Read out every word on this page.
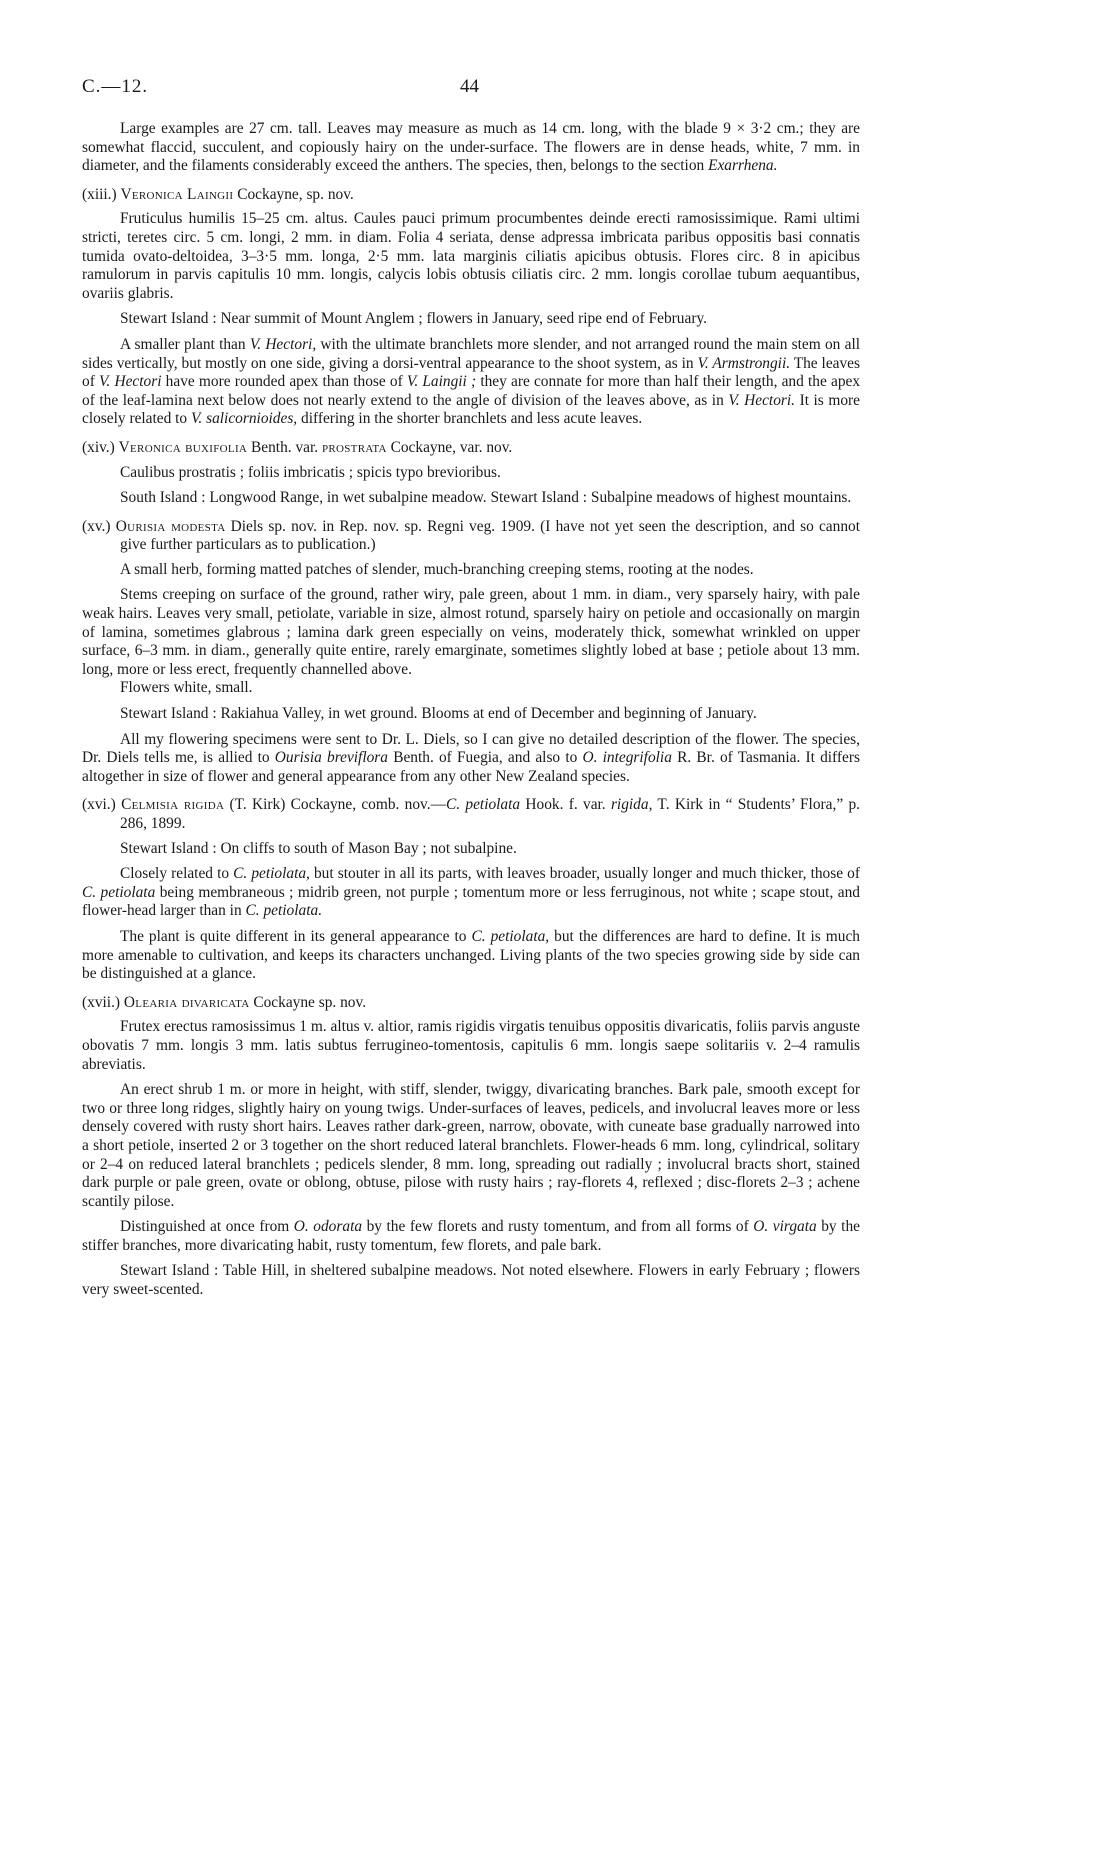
C.—12.	44

Large examples are 27 cm. tall. Leaves may measure as much as 14 cm. long, with the blade 9 × 3·2 cm.; they are somewhat flaccid, succulent, and copiously hairy on the under-surface. The flowers are in dense heads, white, 7 mm. in diameter, and the filaments considerably exceed the anthers. The species, then, belongs to the section Exarrhena.

(xiii.) Veronica Laingii Cockayne, sp. nov.

Fruticulus humilis 15–25 cm. altus. Caules pauci primum procumbentes deinde erecti ramosissimique. Rami ultimi stricti, teretes circ. 5 cm. longi, 2 mm. in diam. Folia 4 seriata, dense adpressa imbricata paribus oppositis basi connatis tumida ovato-deltoidea, 3–3·5 mm. longa, 2·5 mm. lata marginis ciliatis apicibus obtusis. Flores circ. 8 in apicibus ramulorum in parvis capitulis 10 mm. longis, calycis lobis obtusis ciliatis circ. 2 mm. longis corollae tubum aequantibus, ovariis glabris.

Stewart Island : Near summit of Mount Anglem ; flowers in January, seed ripe end of February.

A smaller plant than V. Hectori, with the ultimate branchlets more slender, and not arranged round the main stem on all sides vertically, but mostly on one side, giving a dorsi-ventral appearance to the shoot system, as in V. Armstrongii. The leaves of V. Hectori have more rounded apex than those of V. Laingii ; they are connate for more than half their length, and the apex of the leaf-lamina next below does not nearly extend to the angle of division of the leaves above, as in V. Hectori. It is more closely related to V. salicornioides, differing in the shorter branchlets and less acute leaves.

(xiv.) Veronica buxifolia Benth. var. prostrata Cockayne, var. nov.

Caulibus prostratis ; foliis imbricatis ; spicis typo brevioribus.

South Island : Longwood Range, in wet subalpine meadow. Stewart Island : Subalpine meadows of highest mountains.

(xv.) Ourisia modesta Diels sp. nov. in Rep. nov. sp. Regni veg. 1909. (I have not yet seen the description, and so cannot give further particulars as to publication.)

A small herb, forming matted patches of slender, much-branching creeping stems, rooting at the nodes.

Stems creeping on surface of the ground, rather wiry, pale green, about 1 mm. in diam., very sparsely hairy, with pale weak hairs. Leaves very small, petiolate, variable in size, almost rotund, sparsely hairy on petiole and occasionally on margin of lamina, sometimes glabrous ; lamina dark green especially on veins, moderately thick, somewhat wrinkled on upper surface, 6–3 mm. in diam., generally quite entire, rarely emarginate, sometimes slightly lobed at base ; petiole about 13 mm. long, more or less erect, frequently channelled above.

Flowers white, small.

Stewart Island : Rakiahua Valley, in wet ground. Blooms at end of December and beginning of January.

All my flowering specimens were sent to Dr. L. Diels, so I can give no detailed description of the flower. The species, Dr. Diels tells me, is allied to Ourisia breviflora Benth. of Fuegia, and also to O. integrifolia R. Br. of Tasmania. It differs altogether in size of flower and general appearance from any other New Zealand species.

(xvi.) Celmisia rigida (T. Kirk) Cockayne, comb. nov.—C. petiolata Hook. f. var. rigida, T. Kirk in “ Students’ Flora,” p. 286, 1899.

Stewart Island : On cliffs to south of Mason Bay ; not subalpine.

Closely related to C. petiolata, but stouter in all its parts, with leaves broader, usually longer and much thicker, those of C. petiolata being membraneous ; midrib green, not purple ; tomentum more or less ferruginous, not white ; scape stout, and flower-head larger than in C. petiolata.

The plant is quite different in its general appearance to C. petiolata, but the differences are hard to define. It is much more amenable to cultivation, and keeps its characters unchanged. Living plants of the two species growing side by side can be distinguished at a glance.

(xvii.) Olearia divaricata Cockayne sp. nov.

Frutex erectus ramosissimus 1 m. altus v. altior, ramis rigidis virgatis tenuibus oppositis divaricatis, foliis parvis anguste obovatis 7 mm. longis 3 mm. latis subtus ferrugineo-tomentosis, capitulis 6 mm. longis saepe solitariis v. 2–4 ramulis abreviatis.

An erect shrub 1 m. or more in height, with stiff, slender, twiggy, divaricating branches. Bark pale, smooth except for two or three long ridges, slightly hairy on young twigs. Under-surfaces of leaves, pedicels, and involucral leaves more or less densely covered with rusty short hairs. Leaves rather dark-green, narrow, obovate, with cuneate base gradually narrowed into a short petiole, inserted 2 or 3 together on the short reduced lateral branchlets. Flower-heads 6 mm. long, cylindrical, solitary or 2–4 on reduced lateral branchlets ; pedicels slender, 8 mm. long, spreading out radially ; involucral bracts short, stained dark purple or pale green, ovate or oblong, obtuse, pilose with rusty hairs ; ray-florets 4, reflexed ; disc-florets 2–3 ; achene scantily pilose.

Distinguished at once from O. odorata by the few florets and rusty tomentum, and from all forms of O. virgata by the stiffer branches, more divaricating habit, rusty tomentum, few florets, and pale bark.

Stewart Island : Table Hill, in sheltered subalpine meadows. Not noted elsewhere. Flowers in early February ; flowers very sweet-scented.
